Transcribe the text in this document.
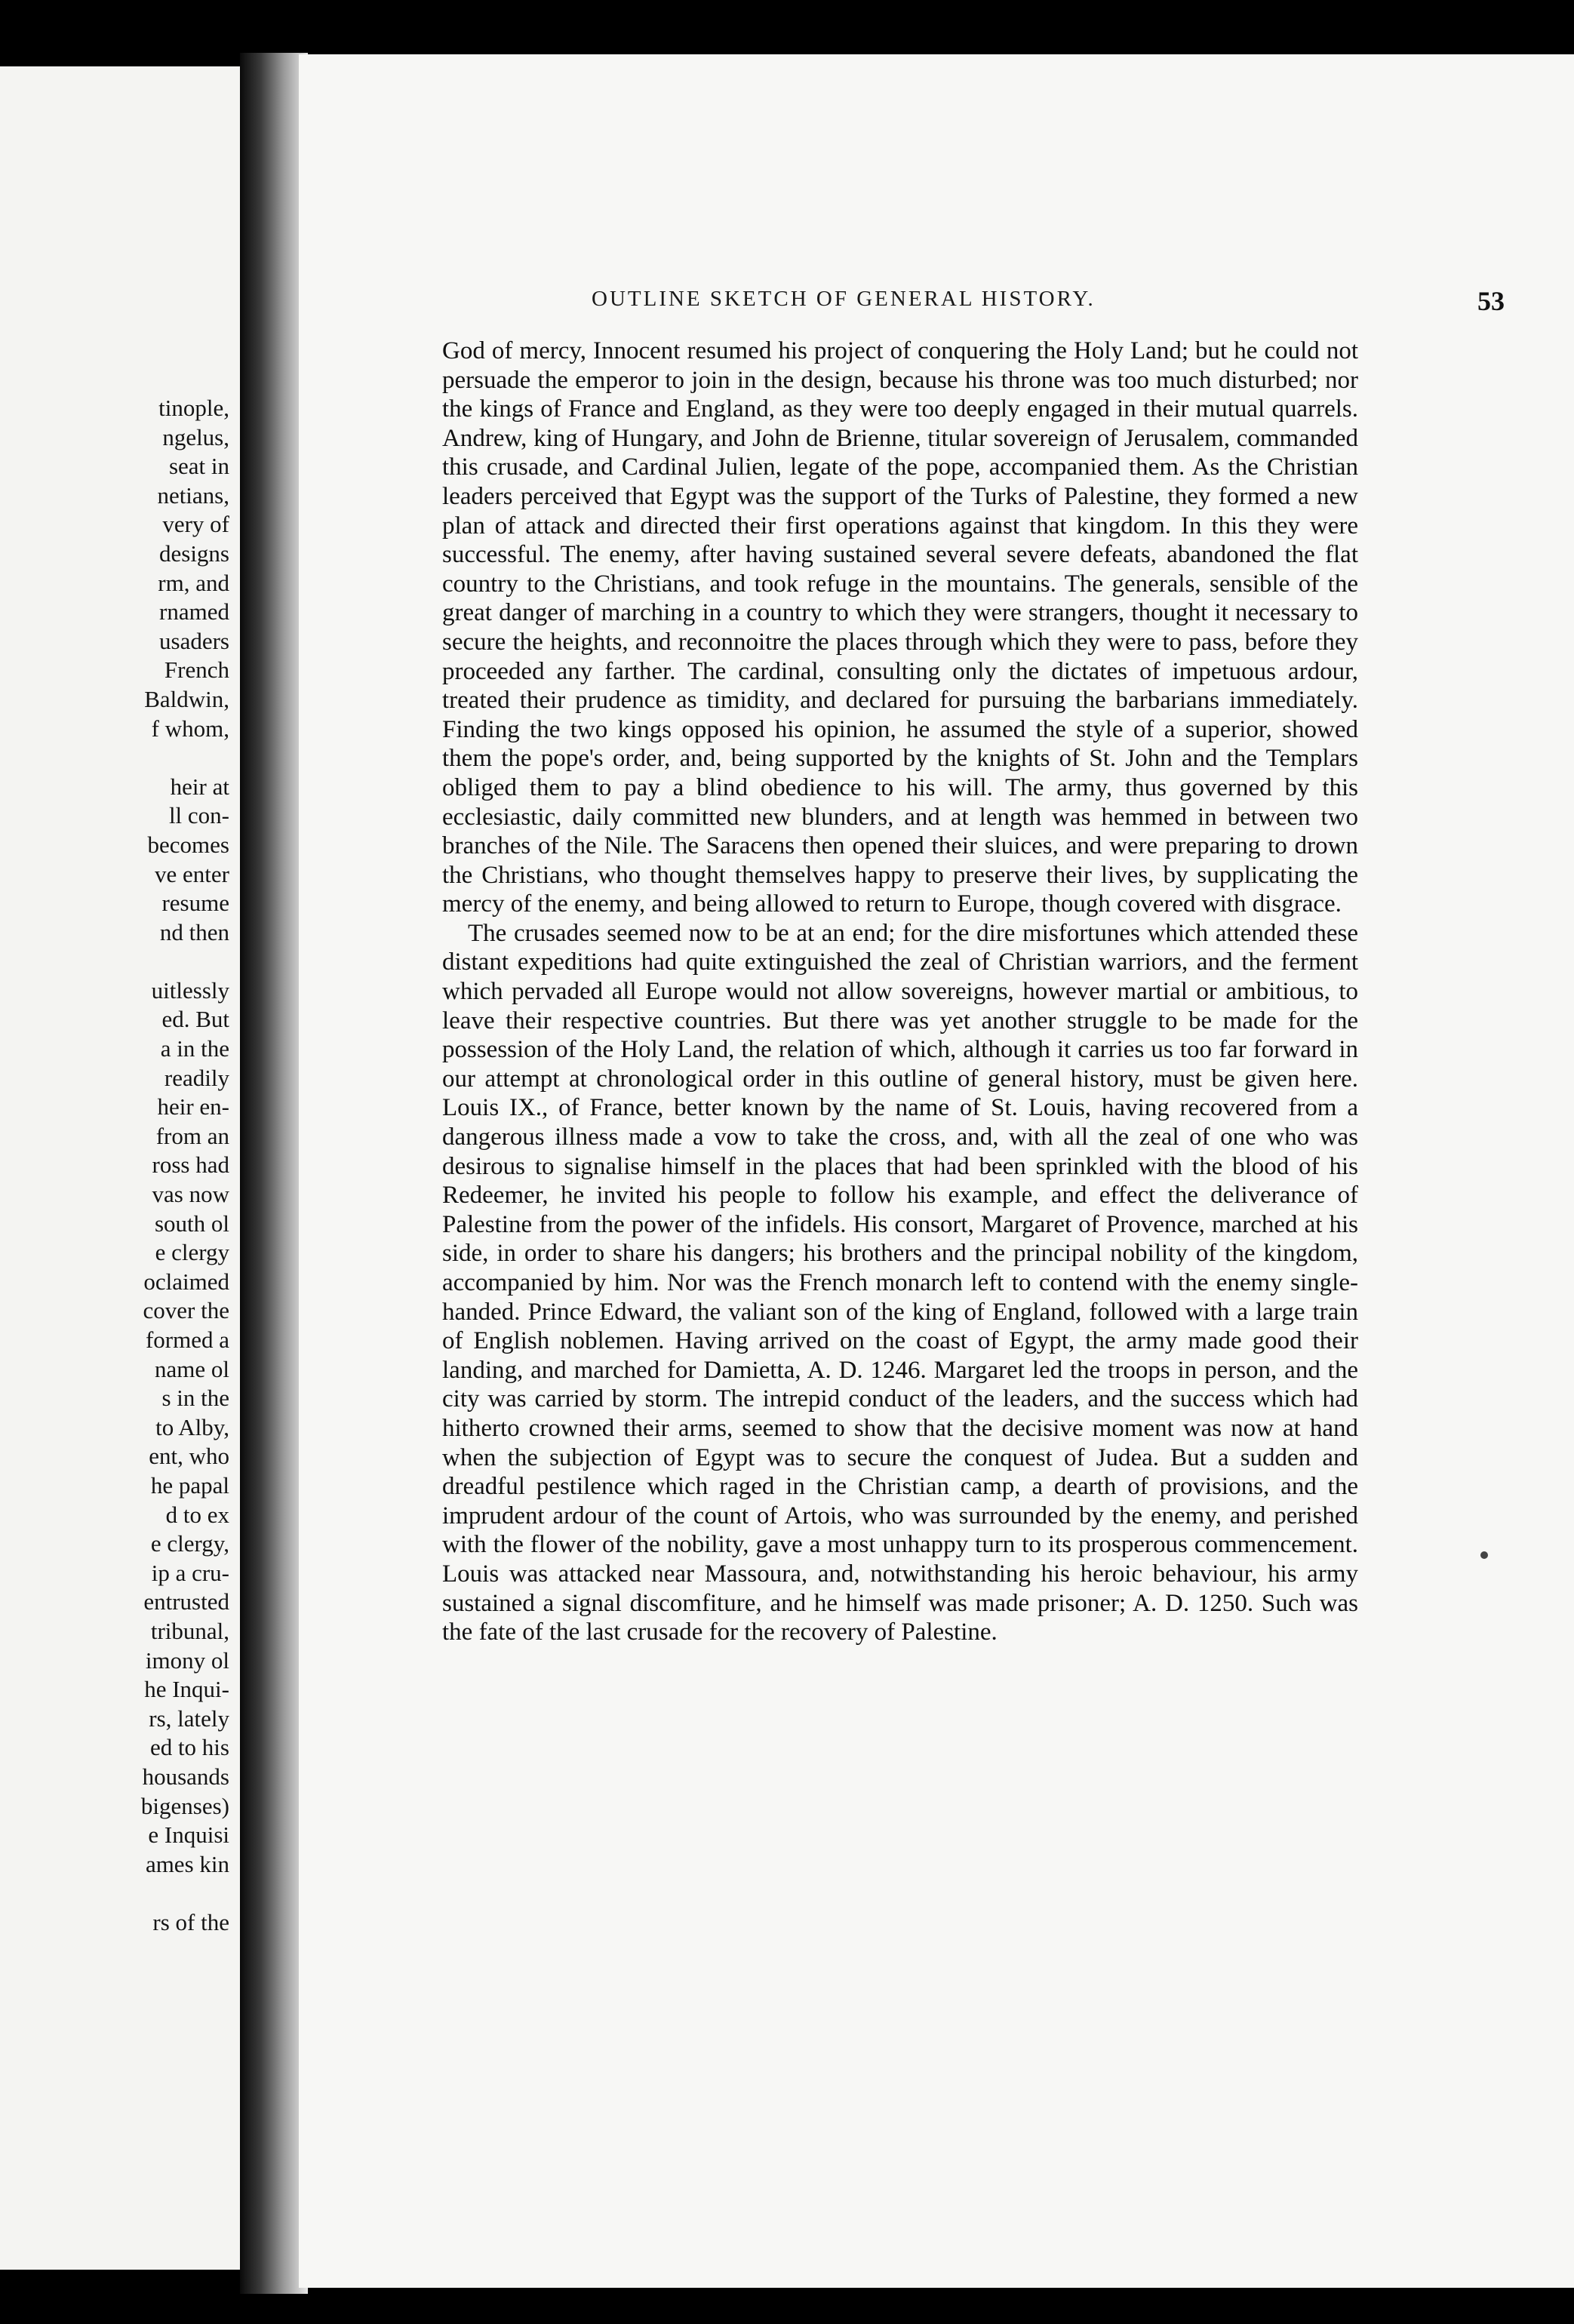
tinople,
ngelus,
seat in
netians,
very of
designs
rm, and
rnamed
usaders
French
Baldwin,
f whom,
heir at
ll con-
becomes
ve enter
resume
nd then
uitlessly
ed. But
a in the
readily
heir en-
from an
ross had
vas now
south ol
e clergy
oclaimed
cover the
formed a
name ol
s in the
to Alby,
ent, who
he papal
d to ex
e clergy,
ip a cru-
entrusted
tribunal,
imony ol
he Inqui-
rs, lately
ed to his
housands
bigenses)
e Inquisi
ames kin
rs of the
OUTLINE SKETCH OF GENERAL HISTORY.	53

God of mercy, Innocent resumed his project of conquering the Holy Land; but he could not persuade the emperor to join in the design, because his throne was too much disturbed; nor the kings of France and England, as they were too deeply engaged in their mutual quarrels. Andrew, king of Hungary, and John de Brienne, titular sovereign of Jerusalem, commanded this crusade, and Cardinal Julien, legate of the pope, accompanied them. As the Christian leaders perceived that Egypt was the support of the Turks of Palestine, they formed a new plan of attack and directed their first operations against that kingdom. In this they were successful. The enemy, after having sustained several severe defeats, abandoned the flat country to the Christians, and took refuge in the mountains. The generals, sensible of the great danger of marching in a country to which they were strangers, thought it necessary to secure the heights, and reconnoitre the places through which they were to pass, before they proceeded any farther. The cardinal, consulting only the dictates of impetuous ardour, treated their prudence as timidity, and declared for pursuing the barbarians immediately. Finding the two kings opposed his opinion, he assumed the style of a superior, showed them the pope's order, and, being supported by the knights of St. John and the Templars obliged them to pay a blind obedience to his will. The army, thus governed by this ecclesiastic, daily committed new blunders, and at length was hemmed in between two branches of the Nile. The Saracens then opened their sluices, and were preparing to drown the Christians, who thought themselves happy to preserve their lives, by supplicating the mercy of the enemy, and being allowed to return to Europe, though covered with disgrace.

The crusades seemed now to be at an end; for the dire misfortunes which attended these distant expeditions had quite extinguished the zeal of Christian warriors, and the ferment which pervaded all Europe would not allow sovereigns, however martial or ambitious, to leave their respective countries. But there was yet another struggle to be made for the possession of the Holy Land, the relation of which, although it carries us too far forward in our attempt at chronological order in this outline of general history, must be given here. Louis IX., of France, better known by the name of St. Louis, having recovered from a dangerous illness made a vow to take the cross, and, with all the zeal of one who was desirous to signalise himself in the places that had been sprinkled with the blood of his Redeemer, he invited his people to follow his example, and effect the deliverance of Palestine from the power of the infidels. His consort, Margaret of Provence, marched at his side, in order to share his dangers; his brothers and the principal nobility of the kingdom, accompanied by him. Nor was the French monarch left to contend with the enemy single-handed. Prince Edward, the valiant son of the king of England, followed with a large train of English noblemen. Having arrived on the coast of Egypt, the army made good their landing, and marched for Damietta, A. D. 1246. Margaret led the troops in person, and the city was carried by storm. The intrepid conduct of the leaders, and the success which had hitherto crowned their arms, seemed to show that the decisive moment was now at hand when the subjection of Egypt was to secure the conquest of Judea. But a sudden and dreadful pestilence which raged in the Christian camp, a dearth of provisions, and the imprudent ardour of the count of Artois, who was surrounded by the enemy, and perished with the flower of the nobility, gave a most unhappy turn to its prosperous commencement. Louis was attacked near Massoura, and, notwithstanding his heroic behaviour, his army sustained a signal discomfiture, and he himself was made prisoner; A. D. 1250. Such was the fate of the last crusade for the recovery of Palestine.
